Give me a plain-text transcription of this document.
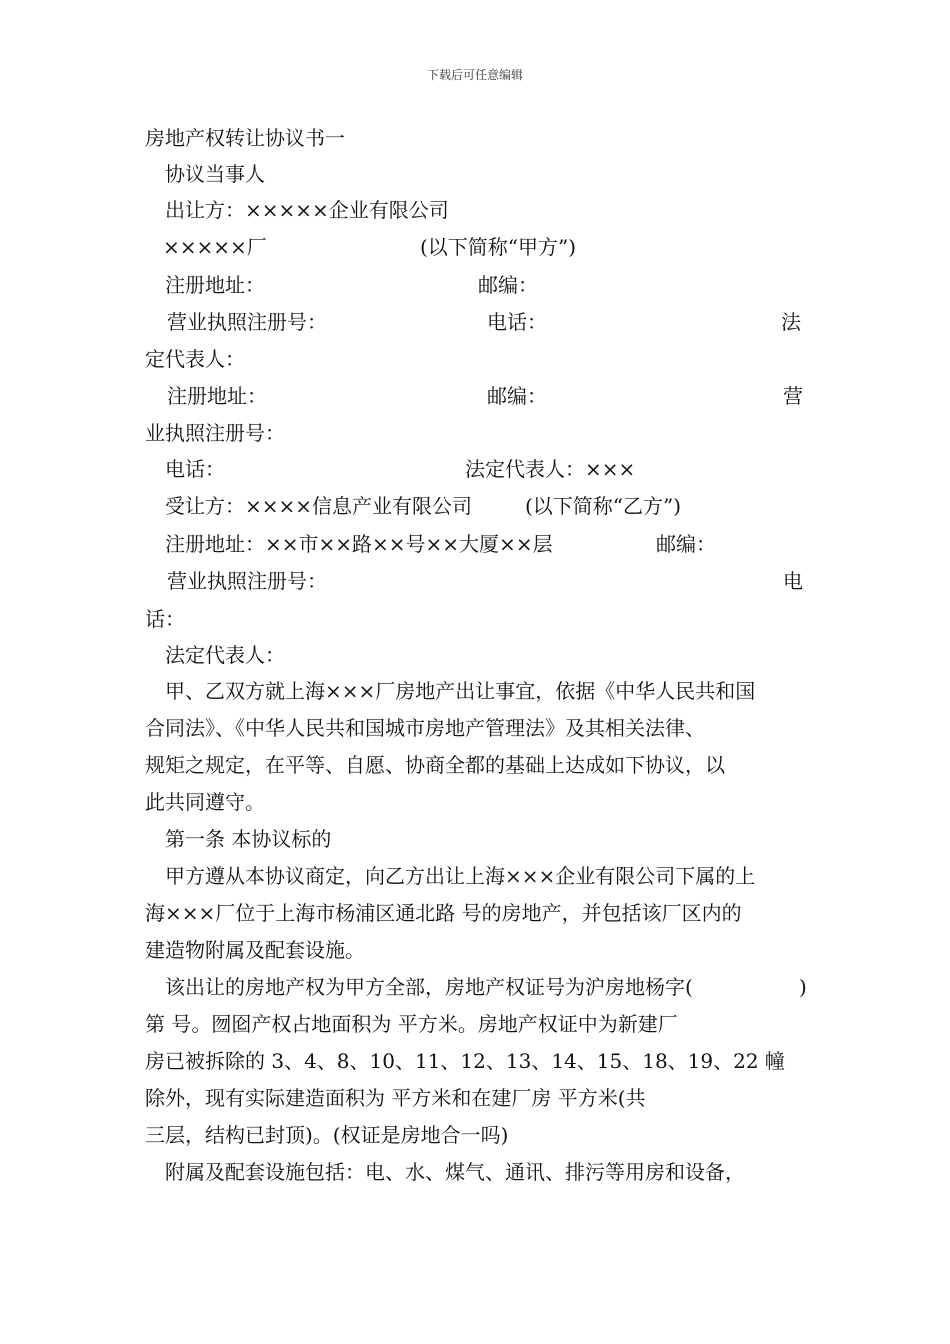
下载后可任意编辑
房地产权转让协议书一
协议当事人
出让方：×××××企业有限公司
×××××厂	(以下简称“甲方”)
注册地址：	邮编：
营业执照注册号：	电话：	法
定代表人：
注册地址：	邮编：	营
业执照注册号：
电话：	法定代表人：×××
受让方：××××信息产业有限公司	(以下简称“乙方”)
注册地址：××市××路××号××大厦××层	邮编：
营业执照注册号：	电
话：
法定代表人：
甲、乙双方就上海×××厂房地产出让事宜，依据《中华人民共和国
合同法》、《中华人民共和国城市房地产管理法》及其相关法律、
规矩之规定，在平等、自愿、协商全都的基础上达成如下协议，以
此共同遵守。
第一条 本协议标的
甲方遵从本协议商定，向乙方出让上海×××企业有限公司下属的上
海×××厂位于上海市杨浦区通北路 号的房地产，并包括该厂区内的
建造物附属及配套设施。
该出让的房地产权为甲方全部，房地产权证号为沪房地杨字(	)
第 号。囫囵产权占地面积为 平方米。房地产权证中为新建厂
房已被拆除的 3、4、8、10、11、12、13、14、15、18、19、22 幢
除外，现有实际建造面积为 平方米和在建厂房 平方米(共
三层，结构已封顶)。(权证是房地合一吗)
附属及配套设施包括：电、水、煤气、通讯、排污等用房和设备，
